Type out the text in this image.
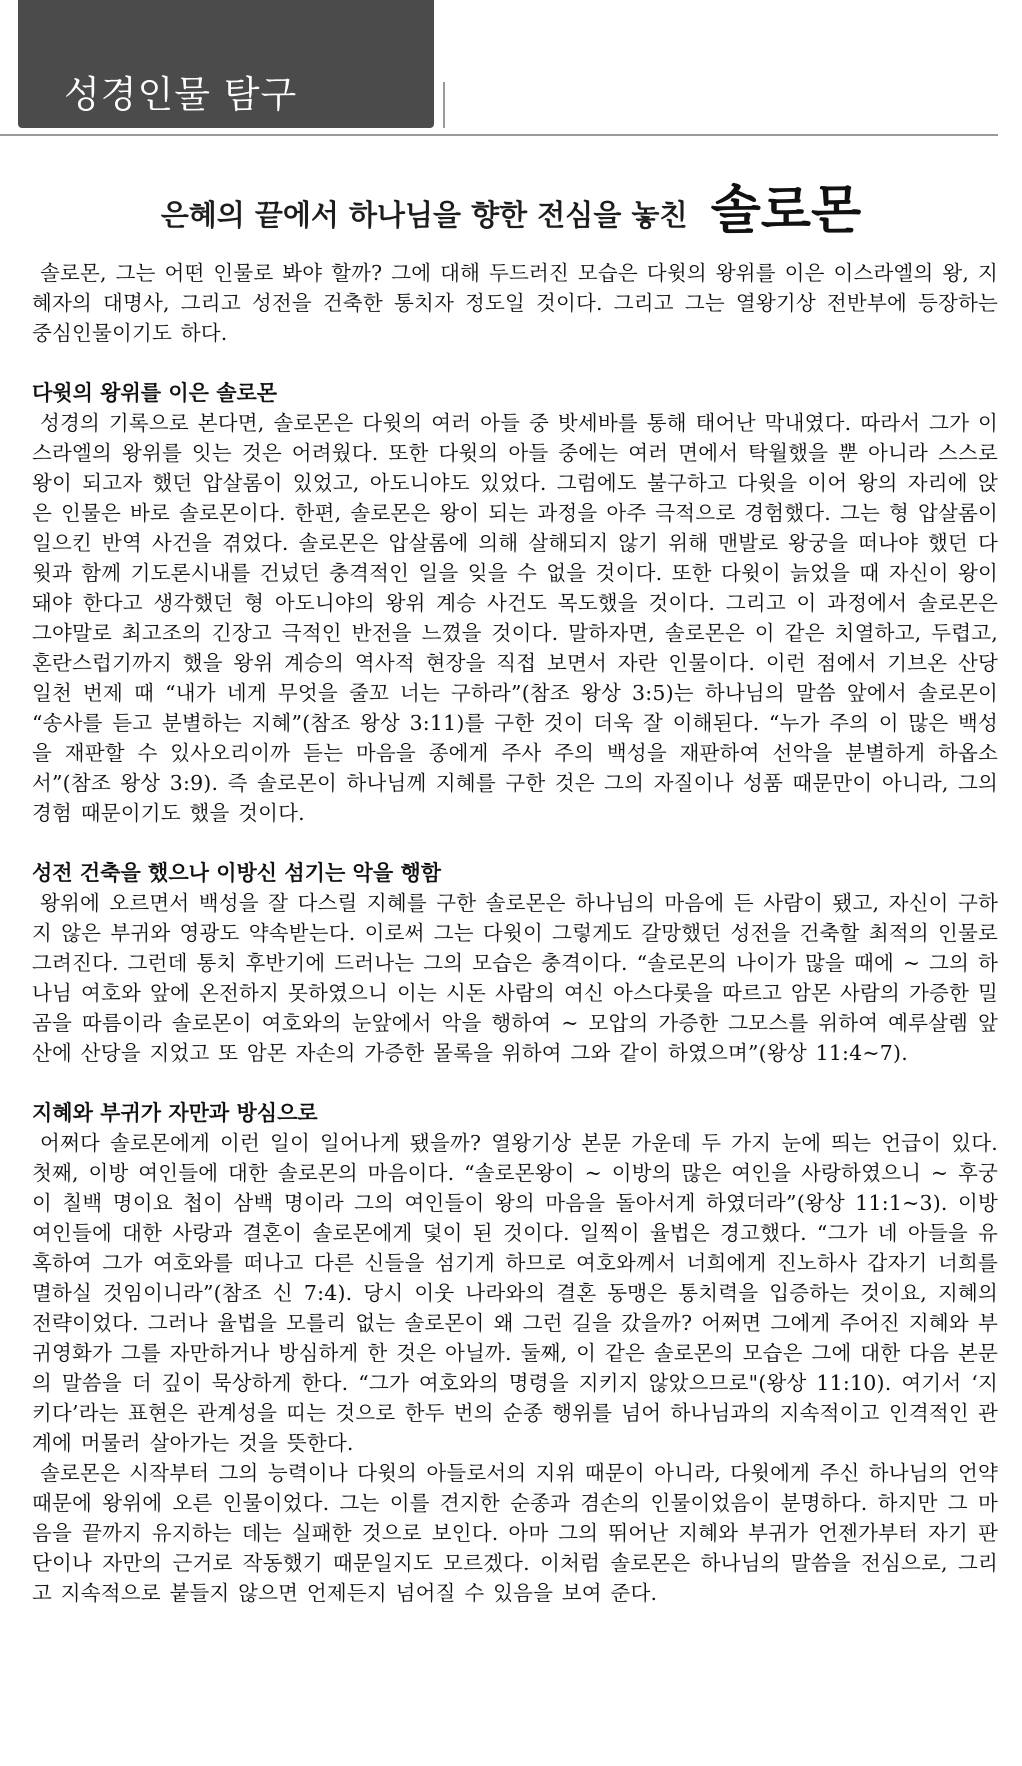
성경인물 탐구
은혜의 끝에서 하나님을 향한 전심을 놓친 솔로몬

솔로몬, 그는 어떤 인물로 봐야 할까? 그에 대해 두드러진 모습은 다윗의 왕위를 이은 이스라엘의 왕, 지혜자의 대명사, 그리고 성전을 건축한 통치자 정도일 것이다. 그리고 그는 열왕기상 전반부에 등장하는 중심인물이기도 하다.

다윗의 왕위를 이은 솔로몬

성경의 기록으로 본다면, 솔로몬은 다윗의 여러 아들 중 밧세바를 통해 태어난 막내였다. 따라서 그가 이스라엘의 왕위를 잇는 것은 어려웠다. 또한 다윗의 아들 중에는 여러 면에서 탁월했을 뿐 아니라 스스로 왕이 되고자 했던 압살롬이 있었고, 아도니야도 있었다. 그럼에도 불구하고 다윗을 이어 왕의 자리에 앉은 인물은 바로 솔로몬이다. 한편, 솔로몬은 왕이 되는 과정을 아주 극적으로 경험했다. 그는 형 압살롬이 일으킨 반역 사건을 겪었다. 솔로몬은 압살롬에 의해 살해되지 않기 위해 맨발로 왕궁을 떠나야 했던 다윗과 함께 기도론시내를 건넜던 충격적인 일을 잊을 수 없을 것이다. 또한 다윗이 늙었을 때 자신이 왕이 돼야 한다고 생각했던 형 아도니야의 왕위 계승 사건도 목도했을 것이다. 그리고 이 과정에서 솔로몬은 그야말로 최고조의 긴장고 극적인 반전을 느꼈을 것이다. 말하자면, 솔로몬은 이 같은 치열하고, 두렵고, 혼란스럽기까지 했을 왕위 계승의 역사적 현장을 직접 보면서 자란 인물이다. 이런 점에서 기브온 산당 일천 번제 때 “내가 네게 무엇을 줄꼬 너는 구하라”(참조 왕상 3:5)는 하나님의 말씀 앞에서 솔로몬이 “송사를 듣고 분별하는 지혜”(참조 왕상 3:11)를 구한 것이 더욱 잘 이해된다. “누가 주의 이 많은 백성을 재판할 수 있사오리이까 듣는 마음을 종에게 주사 주의 백성을 재판하여 선악을 분별하게 하옵소서”(참조 왕상 3:9). 즉 솔로몬이 하나님께 지혜를 구한 것은 그의 자질이나 성품 때문만이 아니라, 그의 경험 때문이기도 했을 것이다.

성전 건축을 했으나 이방신 섬기는 악을 행함

왕위에 오르면서 백성을 잘 다스릴 지혜를 구한 솔로몬은 하나님의 마음에 든 사람이 됐고, 자신이 구하지 않은 부귀와 영광도 약속받는다. 이로써 그는 다윗이 그렇게도 갈망했던 성전을 건축할 최적의 인물로 그려진다. 그런데 통치 후반기에 드러나는 그의 모습은 충격이다. “솔로몬의 나이가 많을 때에 ~ 그의 하나님 여호와 앞에 온전하지 못하였으니 이는 시돈 사람의 여신 아스다롯을 따르고 암몬 사람의 가증한 밀곰을 따름이라 솔로몬이 여호와의 눈앞에서 악을 행하여 ~ 모압의 가증한 그모스를 위하여 예루살렘 앞산에 산당을 지었고 또 암몬 자손의 가증한 몰록을 위하여 그와 같이 하였으며”(왕상 11:4~7).

지혜와 부귀가 자만과 방심으로

어쩌다 솔로몬에게 이런 일이 일어나게 됐을까? 열왕기상 본문 가운데 두 가지 눈에 띄는 언급이 있다. 첫째, 이방 여인들에 대한 솔로몬의 마음이다. “솔로몬왕이 ~ 이방의 많은 여인을 사랑하였으니 ~ 후궁이 칠백 명이요 첩이 삼백 명이라 그의 여인들이 왕의 마음을 돌아서게 하였더라”(왕상 11:1~3). 이방 여인들에 대한 사랑과 결혼이 솔로몬에게 덫이 된 것이다. 일찍이 율법은 경고했다. “그가 네 아들을 유혹하여 그가 여호와를 떠나고 다른 신들을 섬기게 하므로 여호와께서 너희에게 진노하사 갑자기 너희를 멸하실 것임이니라”(참조 신 7:4). 당시 이웃 나라와의 결혼 동맹은 통치력을 입증하는 것이요, 지혜의 전략이었다. 그러나 율법을 모를리 없는 솔로몬이 왜 그런 길을 갔을까? 어쩌면 그에게 주어진 지혜와 부귀영화가 그를 자만하거나 방심하게 한 것은 아닐까. 둘째, 이 같은 솔로몬의 모습은 그에 대한 다음 본문의 말씀을 더 깊이 묵상하게 한다. “그가 여호와의 명령을 지키지 않았으므로"(왕상 11:10). 여기서 ‘지키다’라는 표현은 관계성을 띠는 것으로 한두 번의 순종 행위를 넘어 하나님과의 지속적이고 인격적인 관계에 머물러 살아가는 것을 뜻한다.

솔로몬은 시작부터 그의 능력이나 다윗의 아들로서의 지위 때문이 아니라, 다윗에게 주신 하나님의 언약 때문에 왕위에 오른 인물이었다. 그는 이를 견지한 순종과 겸손의 인물이었음이 분명하다. 하지만 그 마음을 끝까지 유지하는 데는 실패한 것으로 보인다. 아마 그의 뛰어난 지혜와 부귀가 언젠가부터 자기 판단이나 자만의 근거로 작동했기 때문일지도 모르겠다. 이처럼 솔로몬은 하나님의 말씀을 전심으로, 그리고 지속적으로 붙들지 않으면 언제든지 넘어질 수 있음을 보여 준다.
